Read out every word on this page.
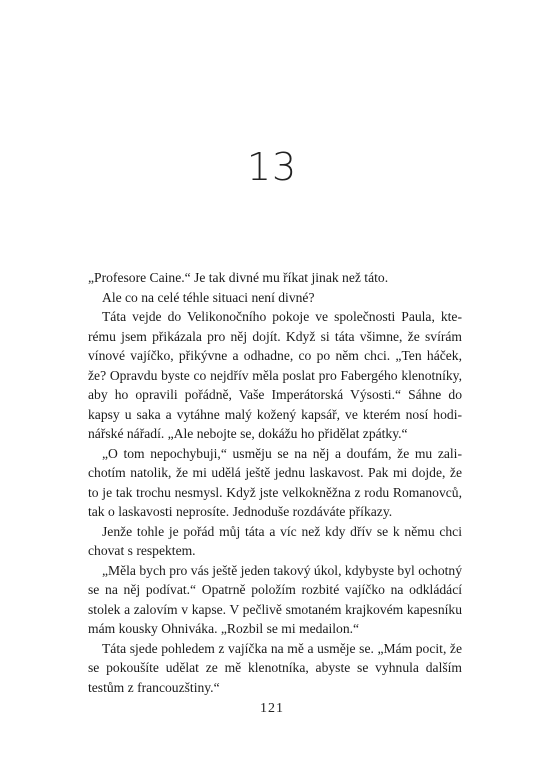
13

„Profesore Caine.“ Je tak divné mu říkat jinak než táto.

Ale co na celé téhle situaci není divné?

Táta vejde do Velikonočního pokoje ve společnosti Paula, kterému jsem přikázala pro něj dojít. Když si táta všimne, že svírám vínové vajíčko, přikývne a odhadne, co po něm chci. „Ten háček, že? Opravdu byste co nejdřív měla poslat pro Fabergého klenotníky, aby ho opravili pořádně, Vaše Imperátorská Výsosti.“ Sáhne do kapsy u saka a vytáhne malý kožený kapsář, ve kterém nosí hodinářské nářadí. „Ale nebojte se, dokážu ho přidělat zpátky.“

„O tom nepochybuji,“ usměju se na něj a doufám, že mu zalichotím natolik, že mi udělá ještě jednu laskavost. Pak mi dojde, že to je tak trochu nesmysl. Když jste velkokněžna z rodu Romanovců, tak o laskavosti neprosíte. Jednoduše rozdáváte příkazy.

Jenže tohle je pořád můj táta a víc než kdy dřív se k němu chci chovat s respektem.

„Měla bych pro vás ještě jeden takový úkol, kdybyste byl ochotný se na něj podívat.“ Opatrně položím rozbité vajíčko na odkládácí stolek a zalovím v kapse. V pečlivě smotaném krajkovém kapesníku mám kousky Ohniváka. „Rozbil se mi medailon.“

Táta sjede pohledem z vajíčka na mě a usměje se. „Mám pocit, že se pokoušíte udělat ze mě klenotníka, abyste se vyhnula dalším testům z francouzštiny.“

121
